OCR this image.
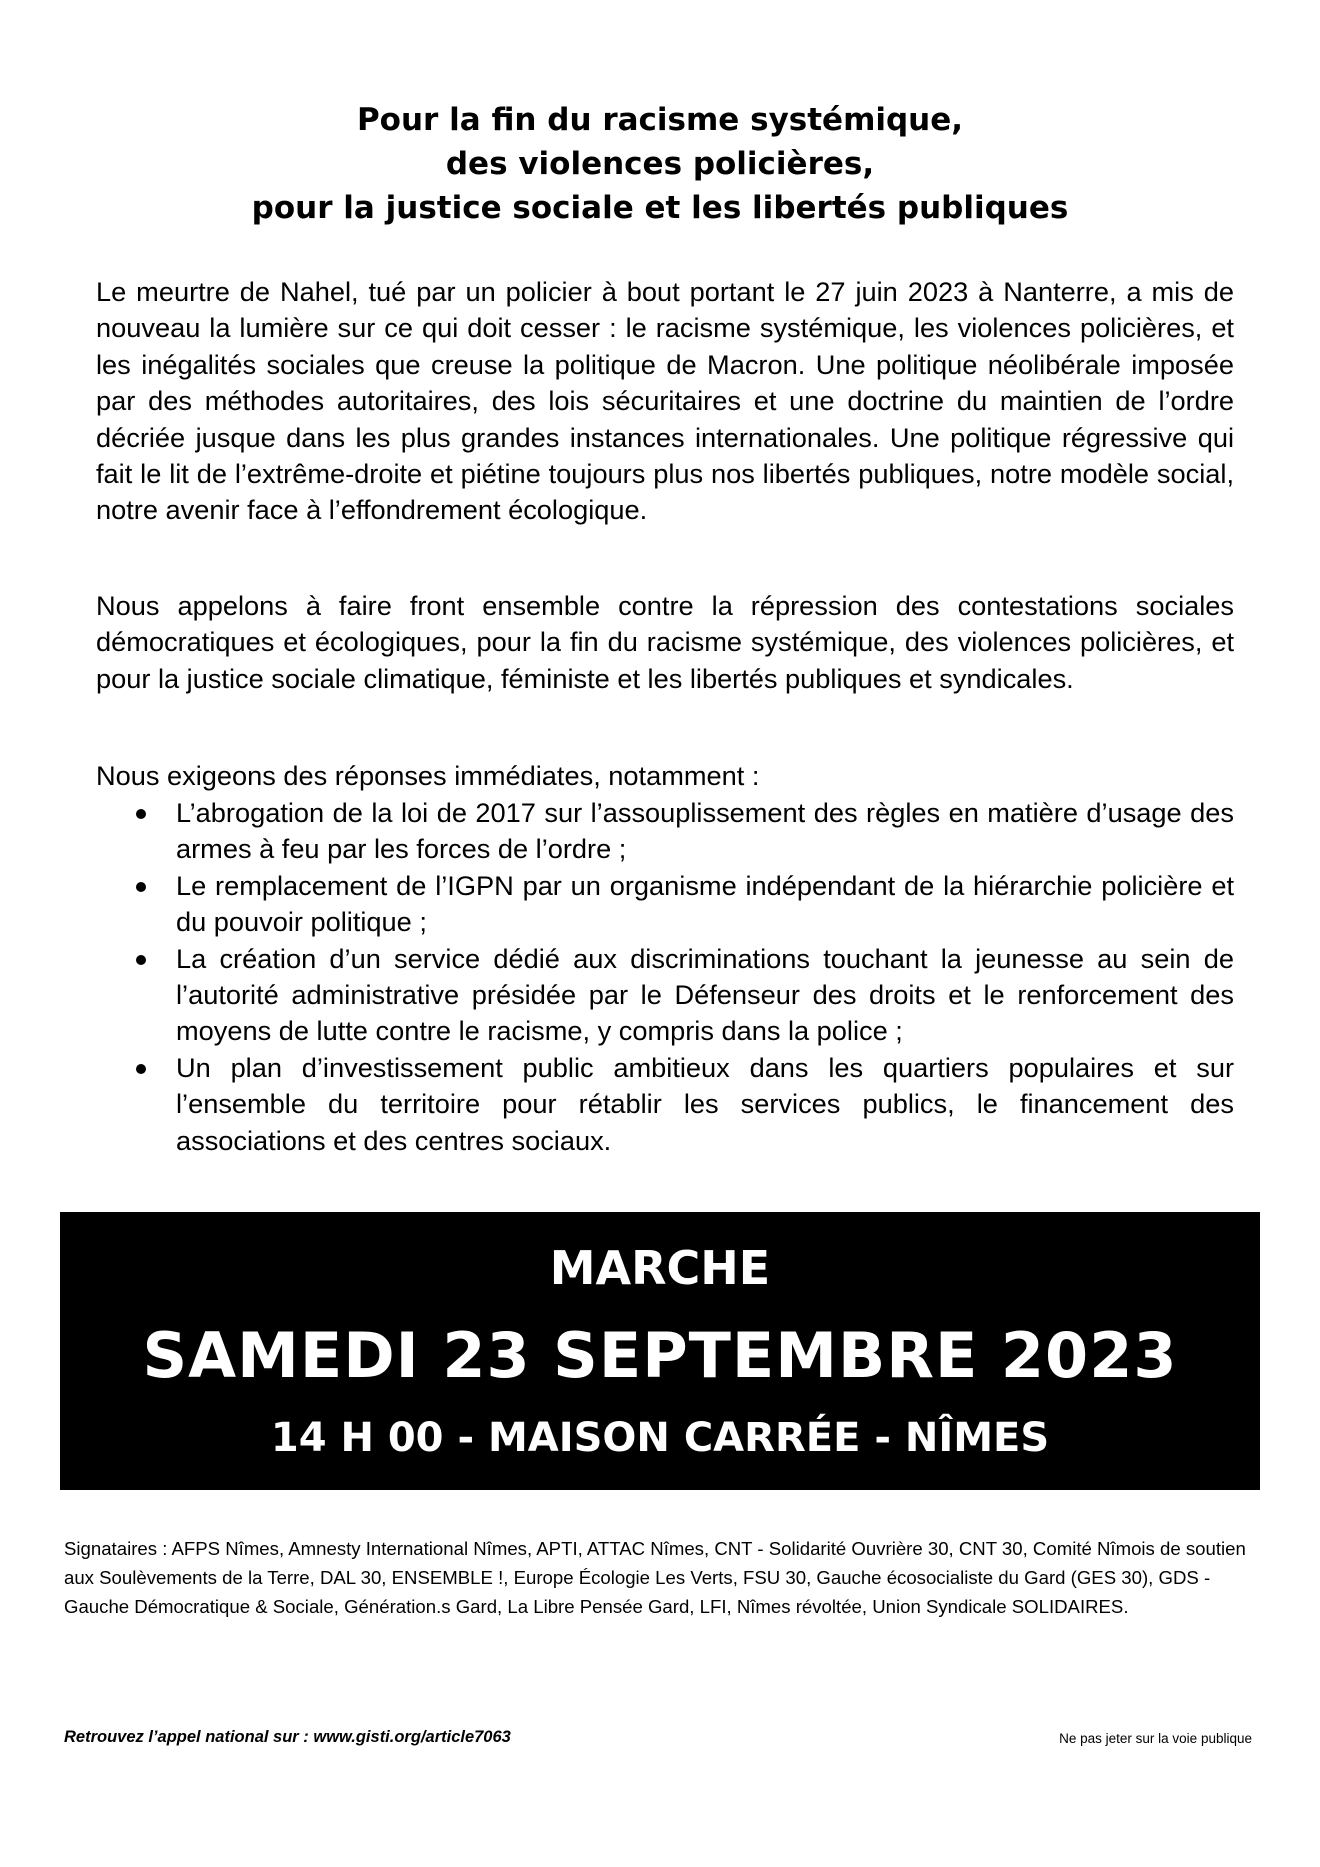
Pour la fin du racisme systémique,
des violences policières,
pour la justice sociale et les libertés publiques

Le meurtre de Nahel, tué par un policier à bout portant le 27 juin 2023 à Nanterre, a mis de nouveau la lumière sur ce qui doit cesser : le racisme systémique, les violences policières, et les inégalités sociales que creuse la politique de Macron. Une politique néolibérale imposée par des méthodes autoritaires, des lois sécuritaires et une doctrine du maintien de l’ordre décriée jusque dans les plus grandes instances internationales. Une politique régressive qui fait le lit de l’extrême-droite et piétine toujours plus nos libertés publiques, notre modèle social, notre avenir face à l’effondrement écologique.

Nous appelons à faire front ensemble contre la répression des contestations sociales démocratiques et écologiques, pour la fin du racisme systémique, des violences policières, et pour la justice sociale climatique, féministe et les libertés publiques et syndicales.

Nous exigeons des réponses immédiates, notamment :

L’abrogation de la loi de 2017 sur l’assouplissement des règles en matière d’usage des armes à feu par les forces de l’ordre ;
Le remplacement de l’IGPN par un organisme indépendant de la hiérarchie policière et du pouvoir politique ;
La création d’un service dédié aux discriminations touchant la jeunesse au sein de l’autorité administrative présidée par le Défenseur des droits et le renforcement des moyens de lutte contre le racisme, y compris dans la police ;
Un plan d’investissement public ambitieux dans les quartiers populaires et sur l’ensemble du territoire pour rétablir les services publics, le financement des associations et des centres sociaux.
MARCHE
SAMEDI 23 SEPTEMBRE 2023
14 H 00 - MAISON CARRÉE - NÎMES

Signataires : AFPS Nîmes, Amnesty International Nîmes, APTI, ATTAC Nîmes, CNT - Solidarité Ouvrière 30, CNT 30, Comité Nîmois de soutien aux Soulèvements de la Terre, DAL 30, ENSEMBLE !, Europe Écologie Les Verts, FSU 30, Gauche écosocialiste du Gard (GES 30), GDS - Gauche Démocratique & Sociale, Génération.s Gard, La Libre Pensée Gard, LFI, Nîmes révoltée, Union Syndicale SOLIDAIRES.

Retrouvez l’appel national sur : www.gisti.org/article7063	Ne pas jeter sur la voie publique
